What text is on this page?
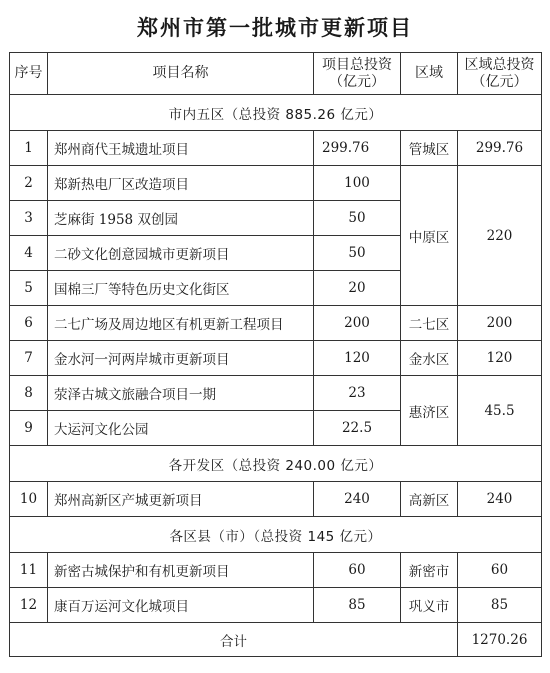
郑州市第一批城市更新项目
序号	项目名称	项目总投资（亿元）	区域	区域总投资（亿元）
市内五区（总投资 885.26 亿元）				
1	郑州商代王城遗址项目	299.76	管城区	299.76
2	郑新热电厂区改造项目	100	中原区	220
3	芝麻街 1958 双创园	50		
4	二砂文化创意园城市更新项目	50		
5	国棉三厂等特色历史文化街区	20		
6	二七广场及周边地区有机更新工程项目	200	二七区	200
7	金水河一河两岸城市更新项目	120	金水区	120
8	荥泽古城文旅融合项目一期	23	惠济区	45.5
9	大运河文化公园	22.5		
各开发区（总投资 240.00 亿元）				
10	郑州高新区产城更新项目	240	高新区	240
各区县（市）（总投资 145 亿元）				
11	新密古城保护和有机更新项目	60	新密市	60
12	康百万运河文化城项目	85	巩义市	85
合计				1270.26
